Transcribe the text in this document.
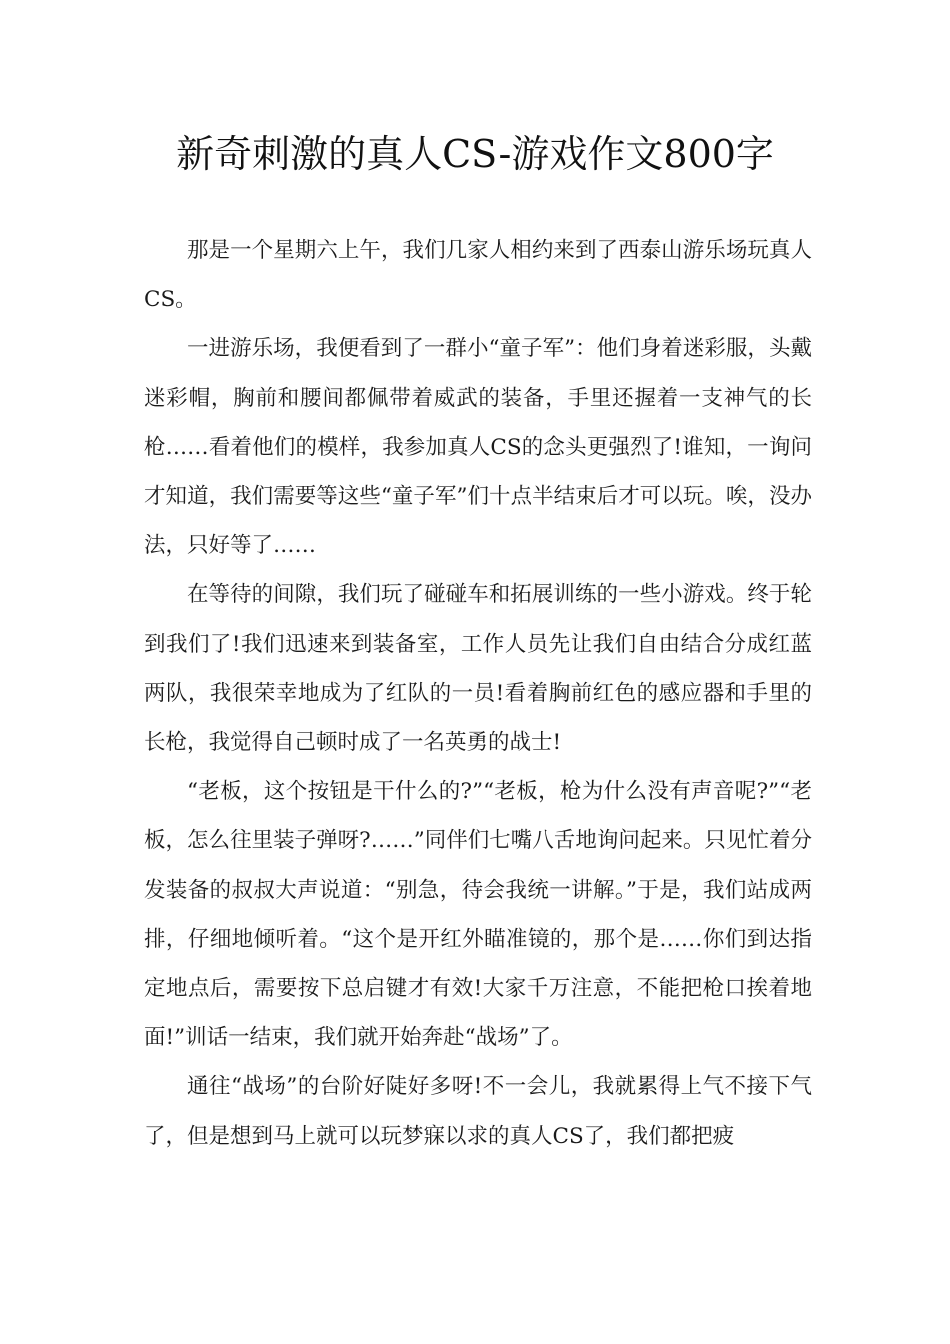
新奇刺激的真人CS-游戏作文800字

那是一个星期六上午，我们几家人相约来到了西泰山游乐场玩真人CS。

一进游乐场，我便看到了一群小“童子军”：他们身着迷彩服，头戴迷彩帽，胸前和腰间都佩带着威武的装备，手里还握着一支神气的长枪……看着他们的模样，我参加真人CS的念头更强烈了!谁知，一询问才知道，我们需要等这些“童子军”们十点半结束后才可以玩。唉，没办法，只好等了……

在等待的间隙，我们玩了碰碰车和拓展训练的一些小游戏。终于轮到我们了!我们迅速来到装备室，工作人员先让我们自由结合分成红蓝两队，我很荣幸地成为了红队的一员!看着胸前红色的感应器和手里的长枪，我觉得自己顿时成了一名英勇的战士!

“老板，这个按钮是干什么的?”“老板，枪为什么没有声音呢?”“老板，怎么往里装子弹呀?……”同伴们七嘴八舌地询问起来。只见忙着分发装备的叔叔大声说道：“别急，待会我统一讲解。”于是，我们站成两排，仔细地倾听着。“这个是开红外瞄准镜的，那个是……你们到达指定地点后，需要按下总启键才有效!大家千万注意，不能把枪口挨着地面!”训话一结束，我们就开始奔赴“战场”了。

通往“战场”的台阶好陡好多呀!不一会儿，我就累得上气不接下气了，但是想到马上就可以玩梦寐以求的真人CS了，我们都把疲
